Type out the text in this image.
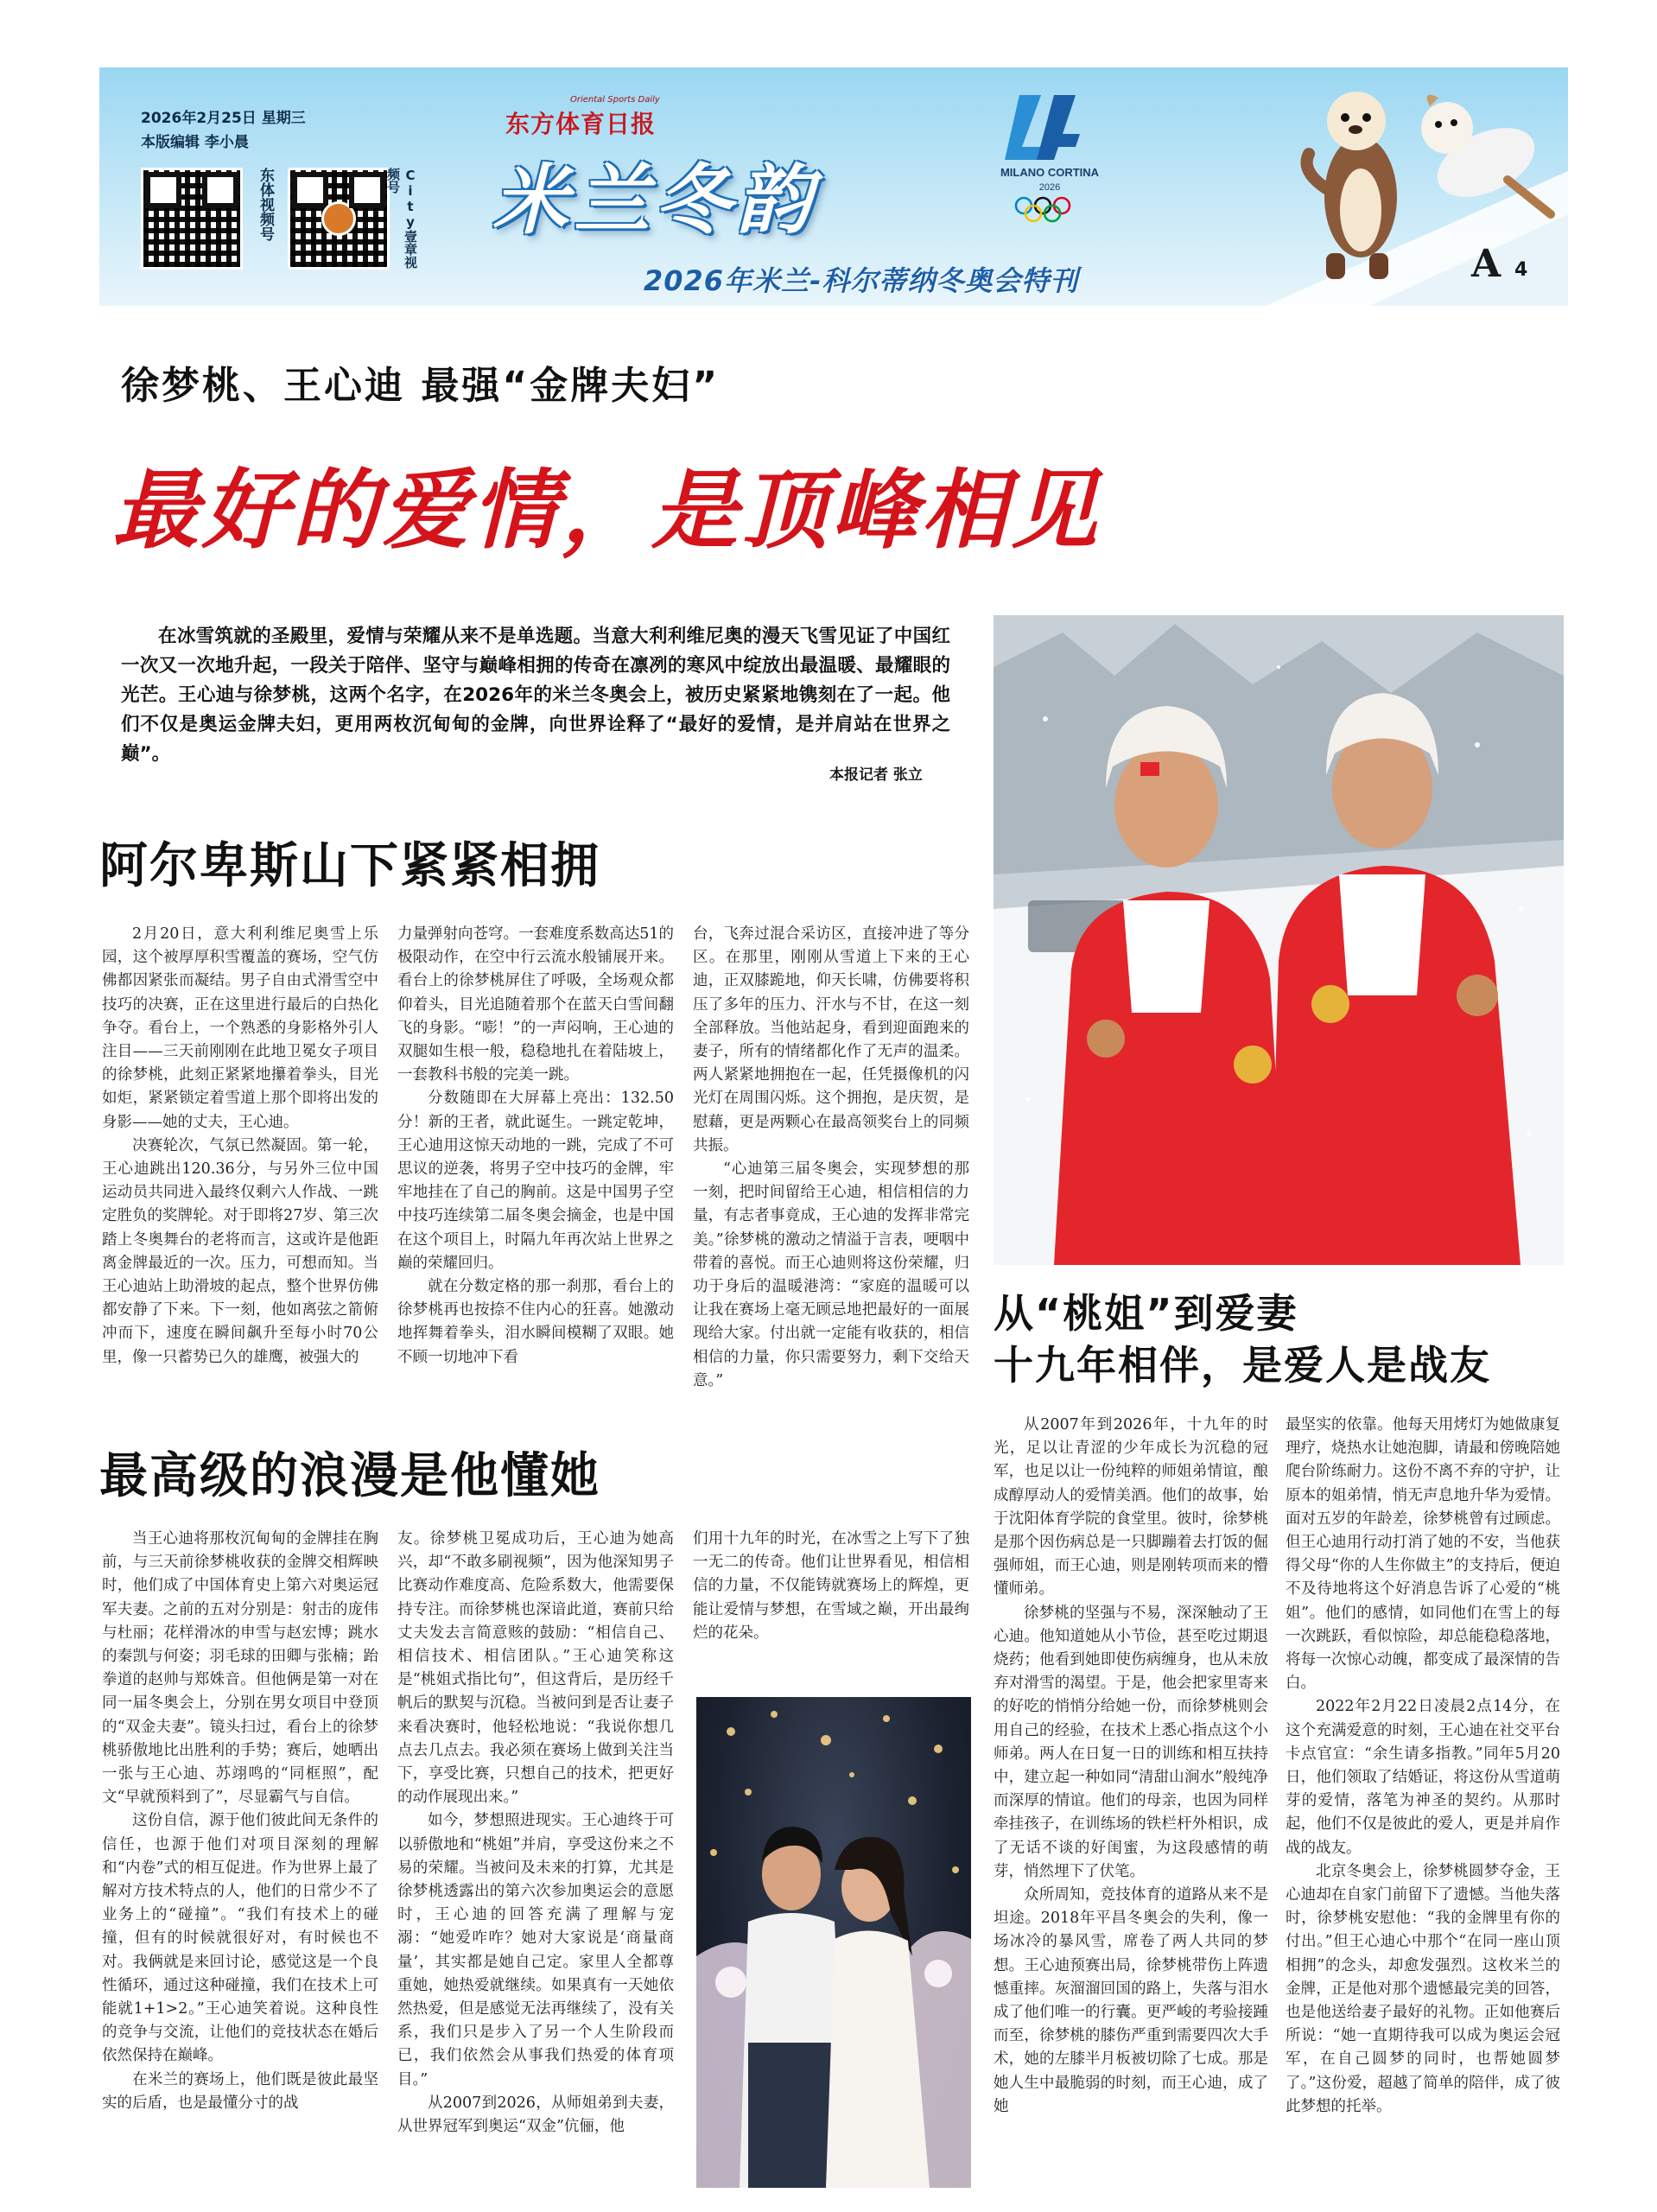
2026年2月25日 星期三
本版编辑 李小晨
东体视频号	City壹章视频号
Oriental Sports Daily
东方体育日报
米兰冬韵
2026年米兰-科尔蒂纳冬奥会特刊
MILANO CORTINA
2026
A 4
徐梦桃、王心迪 最强“金牌夫妇”
最好的爱情，是顶峰相见
在冰雪筑就的圣殿里，爱情与荣耀从来不是单选题。当意大利利维尼奥的漫天飞雪见证了中国红一次又一次地升起，一段关于陪伴、坚守与巅峰相拥的传奇在凛冽的寒风中绽放出最温暖、最耀眼的光芒。王心迪与徐梦桃，这两个名字，在2026年的米兰冬奥会上，被历史紧紧地镌刻在了一起。他们不仅是奥运金牌夫妇，更用两枚沉甸甸的金牌，向世界诠释了“最好的爱情，是并肩站在世界之巅”。
本报记者 张立
阿尔卑斯山下紧紧相拥

2月20日，意大利利维尼奥雪上乐园，这个被厚厚积雪覆盖的赛场，空气仿佛都因紧张而凝结。男子自由式滑雪空中技巧的决赛，正在这里进行最后的白热化争夺。看台上，一个熟悉的身影格外引人注目——三天前刚刚在此地卫冕女子项目的徐梦桃，此刻正紧紧地攥着拳头，目光如炬，紧紧锁定着雪道上那个即将出发的身影——她的丈夫，王心迪。

决赛轮次，气氛已然凝固。第一轮，王心迪跳出120.36分，与另外三位中国运动员共同进入最终仅剩六人作战、一跳定胜负的奖牌轮。对于即将27岁、第三次踏上冬奥舞台的老将而言，这或许是他距离金牌最近的一次。压力，可想而知。当王心迪站上助滑坡的起点，整个世界仿佛都安静了下来。下一刻，他如离弦之箭俯冲而下，速度在瞬间飙升至每小时70公里，像一只蓄势已久的雄鹰，被强大的

力量弹射向苍穹。一套难度系数高达51的极限动作，在空中行云流水般铺展开来。看台上的徐梦桃屏住了呼吸，全场观众都仰着头，目光追随着那个在蓝天白雪间翻飞的身影。“嘭！”的一声闷响，王心迪的双腿如生根一般，稳稳地扎在着陆坡上，一套教科书般的完美一跳。

分数随即在大屏幕上亮出：132.50分！新的王者，就此诞生。一跳定乾坤，王心迪用这惊天动地的一跳，完成了不可思议的逆袭，将男子空中技巧的金牌，牢牢地挂在了自己的胸前。这是中国男子空中技巧连续第二届冬奥会摘金，也是中国在这个项目上，时隔九年再次站上世界之巅的荣耀回归。

就在分数定格的那一刹那，看台上的徐梦桃再也按捺不住内心的狂喜。她激动地挥舞着拳头，泪水瞬间模糊了双眼。她不顾一切地冲下看

台，飞奔过混合采访区，直接冲进了等分区。在那里，刚刚从雪道上下来的王心迪，正双膝跪地，仰天长啸，仿佛要将积压了多年的压力、汗水与不甘，在这一刻全部释放。当他站起身，看到迎面跑来的妻子，所有的情绪都化作了无声的温柔。两人紧紧地拥抱在一起，任凭摄像机的闪光灯在周围闪烁。这个拥抱，是庆贺，是慰藉，更是两颗心在最高领奖台上的同频共振。

“心迪第三届冬奥会，实现梦想的那一刻，把时间留给王心迪，相信相信的力量，有志者事竟成，王心迪的发挥非常完美。”徐梦桃的激动之情溢于言表，哽咽中带着的喜悦。而王心迪则将这份荣耀，归功于身后的温暖港湾：“家庭的温暖可以让我在赛场上毫无顾忌地把最好的一面展现给大家。付出就一定能有收获的，相信相信的力量，你只需要努力，剩下交给天意。”

最高级的浪漫是他懂她

当王心迪将那枚沉甸甸的金牌挂在胸前，与三天前徐梦桃收获的金牌交相辉映时，他们成了中国体育史上第六对奥运冠军夫妻。之前的五对分别是：射击的庞伟与杜丽；花样滑冰的申雪与赵宏博；跳水的秦凯与何姿；羽毛球的田卿与张楠；跆拳道的赵帅与郑姝音。但他俩是第一对在同一届冬奥会上，分别在男女项目中登顶的“双金夫妻”。镜头扫过，看台上的徐梦桃骄傲地比出胜利的手势；赛后，她晒出一张与王心迪、苏翊鸣的“同框照”，配文“早就预料到了”，尽显霸气与自信。

这份自信，源于他们彼此间无条件的信任，也源于他们对项目深刻的理解和“内卷”式的相互促进。作为世界上最了解对方技术特点的人，他们的日常少不了业务上的“碰撞”。“我们有技术上的碰撞，但有的时候就很好对，有时候也不对。我俩就是来回讨论，感觉这是一个良性循环，通过这种碰撞，我们在技术上可能就1+1>2。”王心迪笑着说。这种良性的竞争与交流，让他们的竞技状态在婚后依然保持在巅峰。

在米兰的赛场上，他们既是彼此最坚实的后盾，也是最懂分寸的战

友。徐梦桃卫冕成功后，王心迪为她高兴，却“不敢多刷视频”，因为他深知男子比赛动作难度高、危险系数大，他需要保持专注。而徐梦桃也深谙此道，赛前只给丈夫发去言简意赅的鼓励：“相信自己、相信技术、相信团队。”王心迪笑称这是“桃姐式指比句”，但这背后，是历经千帆后的默契与沉稳。当被问到是否让妻子来看决赛时，他轻松地说：“我说你想几点去几点去。我必须在赛场上做到关注当下，享受比赛，只想自己的技术，把更好的动作展现出来。”

如今，梦想照进现实。王心迪终于可以骄傲地和“桃姐”并肩，享受这份来之不易的荣耀。当被问及未来的打算，尤其是徐梦桃透露出的第六次参加奥运会的意愿时，王心迪的回答充满了理解与宠溺：“她爱咋咋？她对大家说是‘商量商量’，其实都是她自己定。家里人全都尊重她，她热爱就继续。如果真有一天她依然热爱，但是感觉无法再继续了，没有关系，我们只是步入了另一个人生阶段而已，我们依然会从事我们热爱的体育项目。”

从2007到2026，从师姐弟到夫妻，从世界冠军到奥运“双金”伉俪，他

们用十九年的时光，在冰雪之上写下了独一无二的传奇。他们让世界看见，相信相信的力量，不仅能铸就赛场上的辉煌，更能让爱情与梦想，在雪域之巅，开出最绚烂的花朵。

从“桃姐”到爱妻
十九年相伴，是爱人是战友

从2007年到2026年，十九年的时光，足以让青涩的少年成长为沉稳的冠军，也足以让一份纯粹的师姐弟情谊，酿成醇厚动人的爱情美酒。他们的故事，始于沈阳体育学院的食堂里。彼时，徐梦桃是那个因伤病总是一只脚蹦着去打饭的倔强师姐，而王心迪，则是刚转项而来的懵懂师弟。

徐梦桃的坚强与不易，深深触动了王心迪。他知道她从小节俭，甚至吃过期退烧药；他看到她即使伤病缠身，也从未放弃对滑雪的渴望。于是，他会把家里寄来的好吃的悄悄分给她一份，而徐梦桃则会用自己的经验，在技术上悉心指点这个小师弟。两人在日复一日的训练和相互扶持中，建立起一种如同“清甜山涧水”般纯净而深厚的情谊。他们的母亲，也因为同样牵挂孩子，在训练场的铁栏杆外相识，成了无话不谈的好闺蜜，为这段感情的萌芽，悄然埋下了伏笔。

众所周知，竞技体育的道路从来不是坦途。2018年平昌冬奥会的失利，像一场冰冷的暴风雪，席卷了两人共同的梦想。王心迪预赛出局，徐梦桃带伤上阵遗憾重摔。灰溜溜回国的路上，失落与泪水成了他们唯一的行囊。更严峻的考验接踵而至，徐梦桃的膝伤严重到需要四次大手术，她的左膝半月板被切除了七成。那是她人生中最脆弱的时刻，而王心迪，成了她

最坚实的依靠。他每天用烤灯为她做康复理疗，烧热水让她泡脚，请最和傍晚陪她爬台阶练耐力。这份不离不弃的守护，让原本的姐弟情，悄无声息地升华为爱情。面对五岁的年龄差，徐梦桃曾有过顾虑。但王心迪用行动打消了她的不安，当他获得父母“你的人生你做主”的支持后，便迫不及待地将这个好消息告诉了心爱的“桃姐”。他们的感情，如同他们在雪上的每一次跳跃，看似惊险，却总能稳稳落地，将每一次惊心动魄，都变成了最深情的告白。

2022年2月22日凌晨2点14分，在这个充满爱意的时刻，王心迪在社交平台卡点官宣：“余生请多指教。”同年5月20日，他们领取了结婚证，将这份从雪道萌芽的爱情，落笔为神圣的契约。从那时起，他们不仅是彼此的爱人，更是并肩作战的战友。

北京冬奥会上，徐梦桃圆梦夺金，王心迪却在自家门前留下了遗憾。当他失落时，徐梦桃安慰他：“我的金牌里有你的付出。”但王心迪心中那个“在同一座山顶相拥”的念头，却愈发强烈。这枚米兰的金牌，正是他对那个遗憾最完美的回答，也是他送给妻子最好的礼物。正如他赛后所说：“她一直期待我可以成为奥运会冠军，在自己圆梦的同时，也帮她圆梦了。”这份爱，超越了简单的陪伴，成了彼此梦想的托举。
